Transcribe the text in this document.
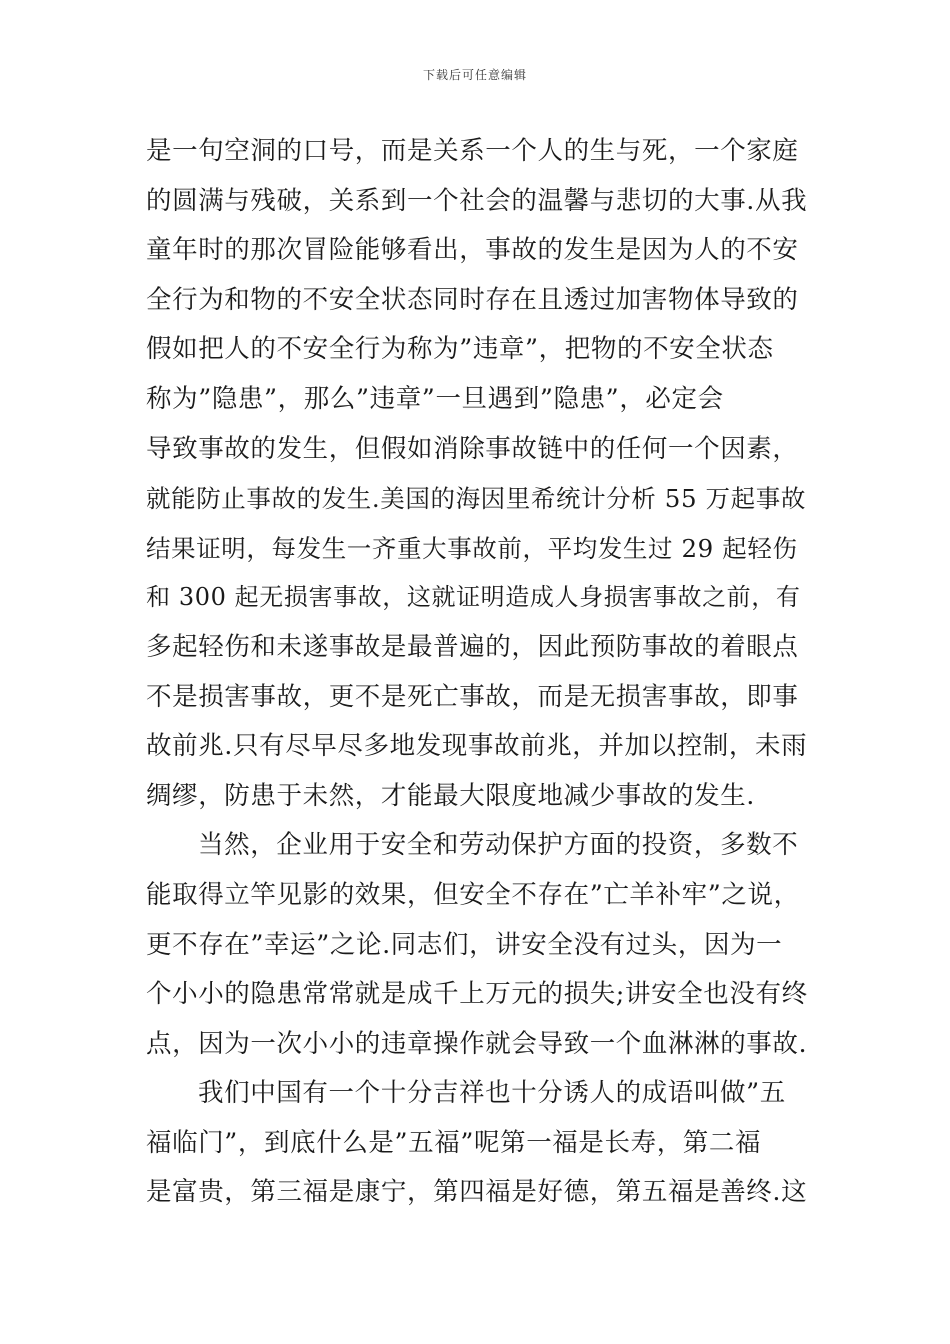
下载后可任意编辑
是一句空洞的口号，而是关系一个人的生与死，一个家庭
的圆满与残破，关系到一个社会的温馨与悲切的大事.从我
童年时的那次冒险能够看出，事故的发生是因为人的不安
全行为和物的不安全状态同时存在且透过加害物体导致的
假如把人的不安全行为称为”违章”，把物的不安全状态
称为”隐患”，那么”违章”一旦遇到”隐患”，必定会
导致事故的发生，但假如消除事故链中的任何一个因素，
就能防止事故的发生.美国的海因里希统计分析 55 万起事故
结果证明，每发生一齐重大事故前，平均发生过 29 起轻伤
和 300 起无损害事故，这就证明造成人身损害事故之前，有
多起轻伤和未遂事故是最普遍的，因此预防事故的着眼点
不是损害事故，更不是死亡事故，而是无损害事故，即事
故前兆.只有尽早尽多地发现事故前兆，并加以控制，未雨
绸缪，防患于未然，才能最大限度地减少事故的发生.
当然，企业用于安全和劳动保护方面的投资，多数不
能取得立竿见影的效果，但安全不存在”亡羊补牢”之说，
更不存在”幸运”之论.同志们，讲安全没有过头，因为一
个小小的隐患常常就是成千上万元的损失;讲安全也没有终
点，因为一次小小的违章操作就会导致一个血淋淋的事故.
我们中国有一个十分吉祥也十分诱人的成语叫做”五
福临门”，到底什么是”五福”呢第一福是长寿，第二福
是富贵，第三福是康宁，第四福是好德，第五福是善终.这
